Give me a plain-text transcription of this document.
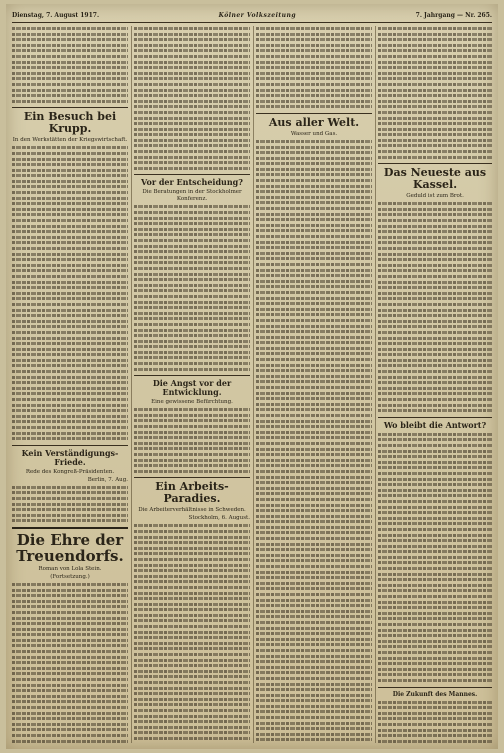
Dienstag, 7. August 1917.	Kölner Volkszeitung	7. Jahrgang — Nr. 265.
Ein Besuch bei Krupp.
In den Werkstätten der Kriegswirtschaft.
Kein Verständigungs-Friede.
Rede des Kongreß-Präsidenten.
Berlin, 7. Aug.
Die Ehre der Treuendorfs.
Roman von Lola Stein.
(Fortsetzung.)
Vor der Entscheidung?
Die Beratungen in der Stockholmer Konferenz.
Die Angst vor der Entwicklung.
Eine gewissene Befürchtung.
Ein Arbeits-Paradies.
Die Arbeiterverhältnisse in Schweden.
Stockholm, 6. August.
Aus aller Welt.
Wasser und Gas.
Das Neueste aus Kassel.
Geduld ist zum Brot.
Wo bleibt die Antwort?
Die Zukunft des Mannes.
